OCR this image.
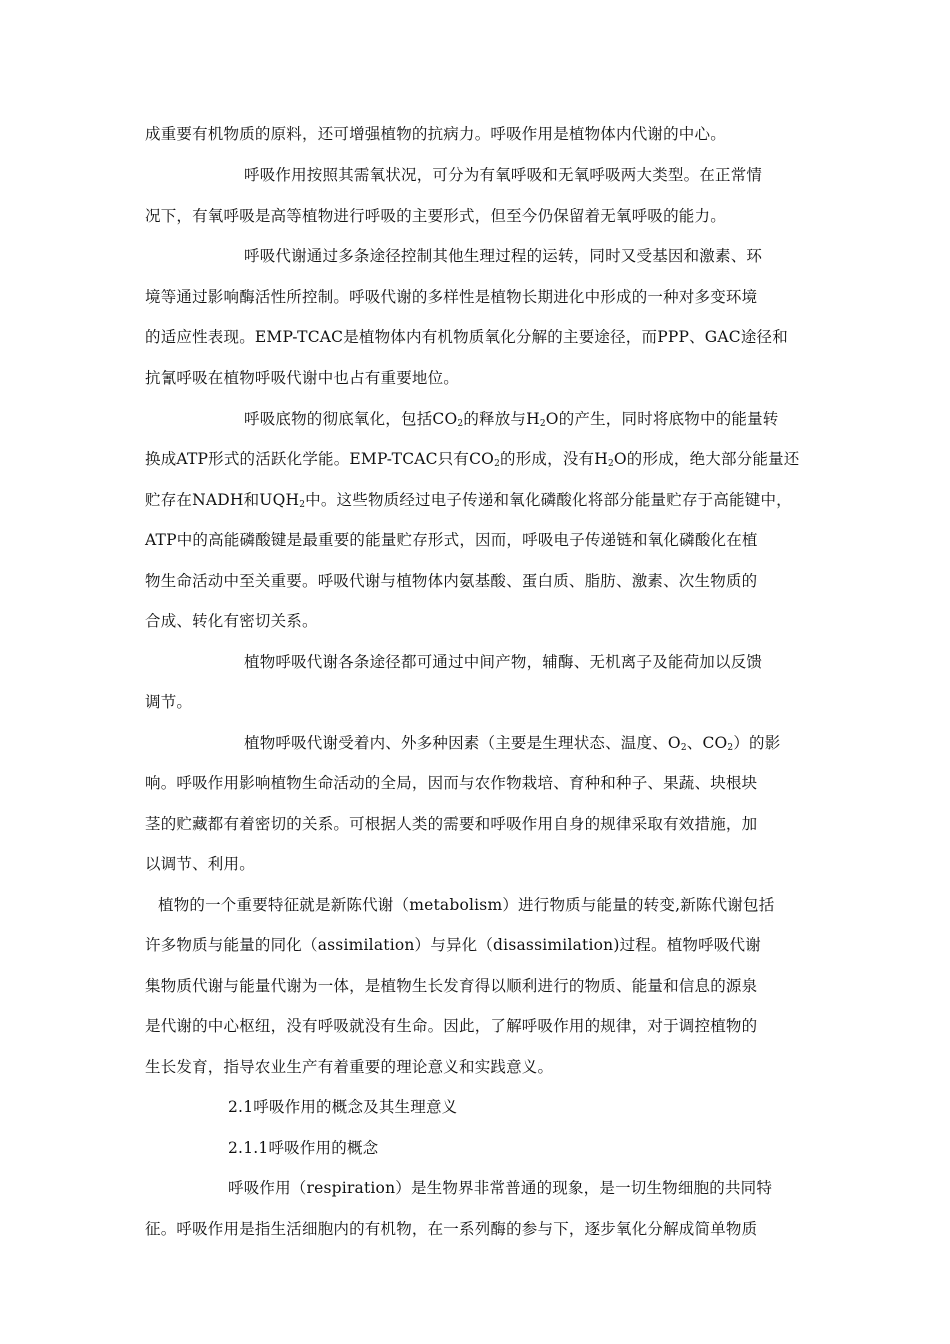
成重要有机物质的原料，还可增强植物的抗病力。呼吸作用是植物体内代谢的中心。
呼吸作用按照其需氧状况，可分为有氧呼吸和无氧呼吸两大类型。在正常情
况下，有氧呼吸是高等植物进行呼吸的主要形式，但至今仍保留着无氧呼吸的能力。
呼吸代谢通过多条途径控制其他生理过程的运转，同时又受基因和激素、环
境等通过影响酶活性所控制。呼吸代谢的多样性是植物长期进化中形成的一种对多变环境
的适应性表现。EMP-TCAC是植物体内有机物质氧化分解的主要途径，而PPP、GAC途径和
抗氰呼吸在植物呼吸代谢中也占有重要地位。
呼吸底物的彻底氧化，包括$CO_2$的释放与$H_2O$的产生，同时将底物中的能量转
换成ATP形式的活跃化学能。EMP-TCAC只有$CO_2$的形成，没有$H_2O$的形成，绝大部分能量还
贮存在NADH和$UQH_2$中。这些物质经过电子传递和氧化磷酸化将部分能量贮存于高能键中，
ATP中的高能磷酸键是最重要的能量贮存形式，因而，呼吸电子传递链和氧化磷酸化在植
物生命活动中至关重要。呼吸代谢与植物体内氨基酸、蛋白质、脂肪、激素、次生物质的
合成、转化有密切关系。
植物呼吸代谢各条途径都可通过中间产物，辅酶、无机离子及能荷加以反馈
调节。
植物呼吸代谢受着内、外多种因素（主要是生理状态、温度、$O_2$、$CO_2$）的影
响。呼吸作用影响植物生命活动的全局，因而与农作物栽培、育种和种子、果蔬、块根块
茎的贮藏都有着密切的关系。可根据人类的需要和呼吸作用自身的规律采取有效措施，加
以调节、利用。
植物的一个重要特征就是新陈代谢（metabolism）进行物质与能量的转变,新陈代谢包括
许多物质与能量的同化（assimilation）与异化（disassimilation)过程。植物呼吸代谢
集物质代谢与能量代谢为一体，是植物生长发育得以顺利进行的物质、能量和信息的源泉
是代谢的中心枢纽，没有呼吸就没有生命。因此，了解呼吸作用的规律，对于调控植物的
生长发育，指导农业生产有着重要的理论意义和实践意义。
2.1呼吸作用的概念及其生理意义
2.1.1呼吸作用的概念
呼吸作用（respiration）是生物界非常普通的现象，是一切生物细胞的共同特
征。呼吸作用是指生活细胞内的有机物，在一系列酶的参与下，逐步氧化分解成简单物质
